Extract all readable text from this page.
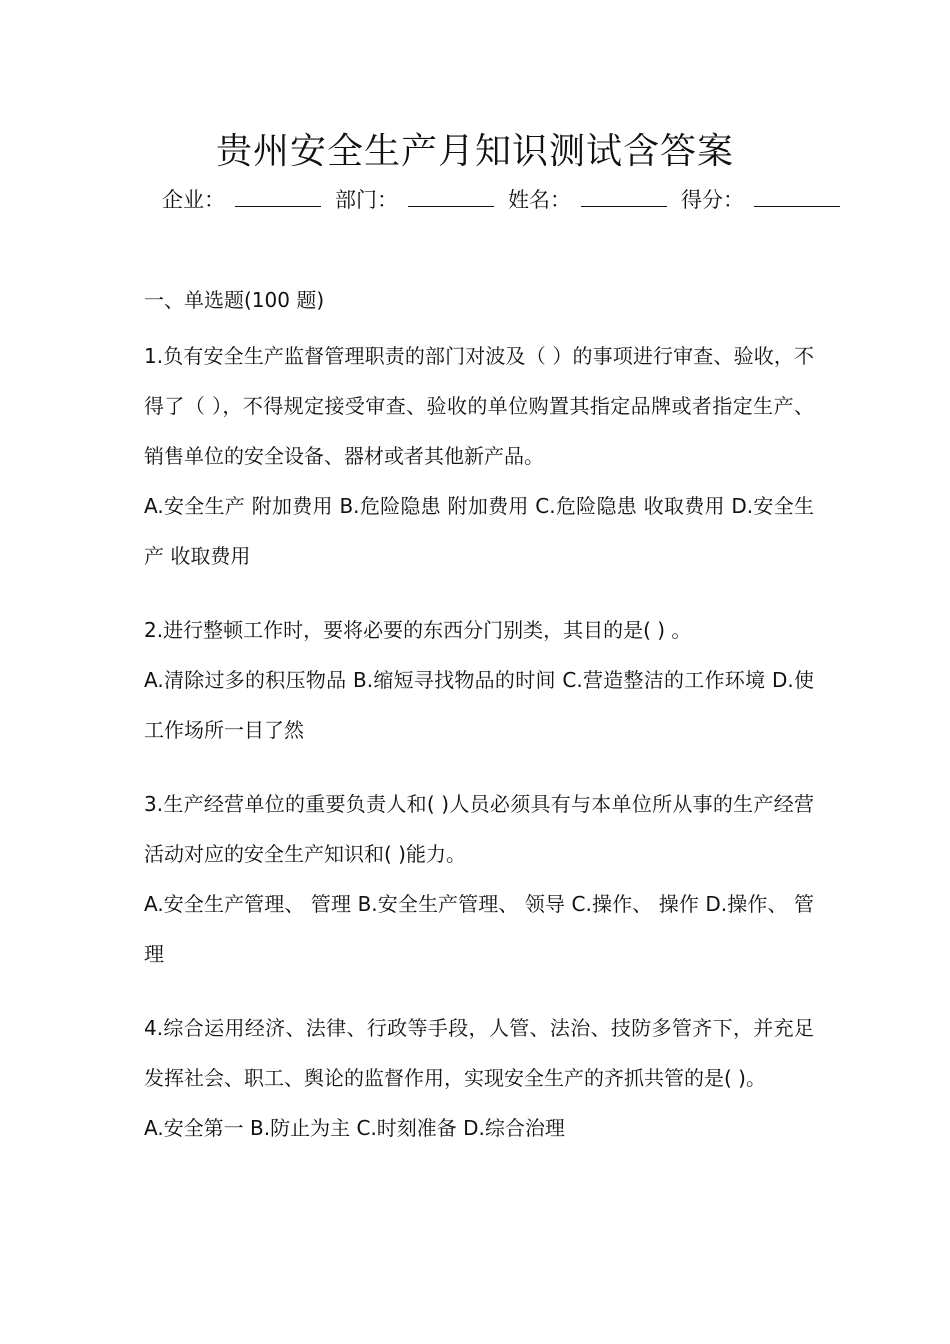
贵州安全生产月知识测试含答案
企业：	部门：	姓名：	得分：

一、单选题(100 题)

1.负有安全生产监督管理职责的部门对波及（ ）的事项进行审查、验收，不得了（ ），不得规定接受审查、验收的单位购置其指定品牌或者指定生产、销售单位的安全设备、器材或者其他新产品。

A.安全生产 附加费用 B.危险隐患 附加费用 C.危险隐患 收取费用 D.安全生产 收取费用

2.进行整顿工作时，要将必要的东西分门别类，其目的是( ) 。

A.清除过多的积压物品 B.缩短寻找物品的时间 C.营造整洁的工作环境 D.使工作场所一目了然

3.生产经营单位的重要负责人和( )人员必须具有与本单位所从事的生产经营活动对应的安全生产知识和( )能力。

A.安全生产管理、 管理 B.安全生产管理、 领导 C.操作、 操作 D.操作、 管理

4.综合运用经济、法律、行政等手段，人管、法治、技防多管齐下，并充足发挥社会、职工、舆论的监督作用，实现安全生产的齐抓共管的是( )。

A.安全第一 B.防止为主 C.时刻准备 D.综合治理
